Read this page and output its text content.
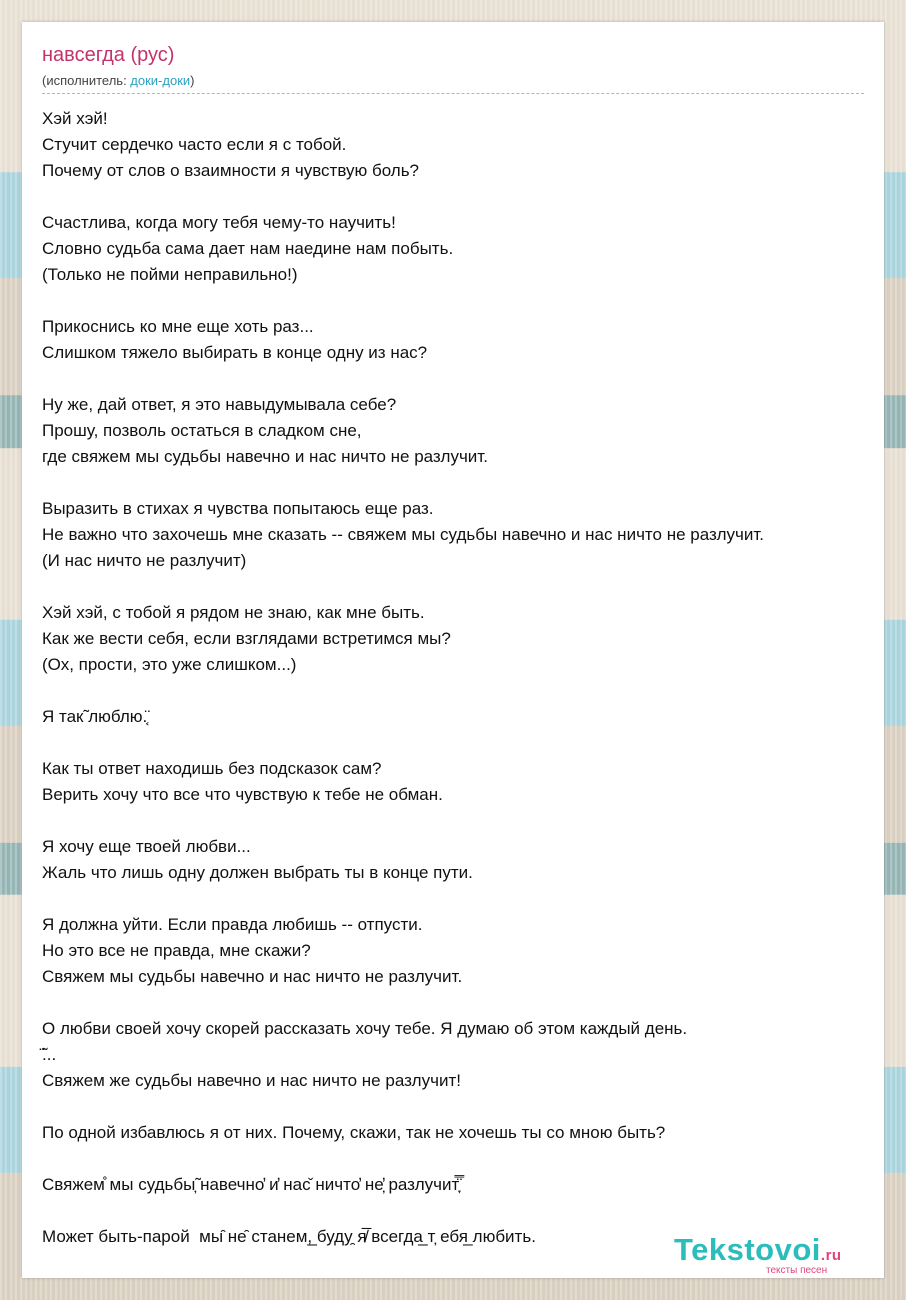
навсегда (рус)

(исполнитель: доки-доки)

Хэй хэй!
Стучит сердечко часто если я с тобой.
Почему от слов о взаимности я чувствую боль?

Счастлива, когда могу тебя чему-то научить!
Словно судьба сама дает нам наедине нам побыть.
(Только не пойми неправильно!)

Прикоснись ко мне еще хоть раз...
Слишком тяжело выбирать в конце одну из нас?

Ну же, дай ответ, я это навыдумывала себе?
Прошу, позволь остаться в сладком сне,
где свяжем мы судьбы навечно и нас ничто не разлучит.

Выразить в стихах я чувства попытаюсь еще раз.
Не важно что захочешь мне сказать -- свяжем мы судьбы навечно и нас ничто не разлучит.
(И нас ничто не разлучит)

Хэй хэй, с тобой я рядом не знаю, как мне быть.
Как же вести себя, если взглядами встретимся мы?
(Ох, прости, это уже слишком...)

Я так̃ люблю.͔̈

Как ты ответ находишь без подсказок сам?
Верить хочу что все что чувствую к тебе не обман.

Я хочу еще твоей любви...
Жаль что лишь одну должен выбрать ты в конце пути.

Я должна уйти. Если правда любишь -- отпусти.
Но это все не правда, мне скажи?
Свяжем мы судьбы навечно и нас ничто не разлучит.

О любви своей хочу скорей рассказать хочу тебе. Я думаю об этом каждый день.
̃̈...
Свяжем же судьбы навечно и нас ничто не разлучит!

По одной избавлюсь я от них. Почему, скажи, так не хочешь ты со мною быть?

Свяжем̊ мы судьбы̦̃ навечно̓ и̓ нас̌ ничто̓ не̦̓ разлучит̞̿̈

Может быть-парой  мы̑ не̑ станем,̲ буду̯ я̸̅ всегда̲ т̦ ебя̲ любить.	Tekstovoi.ru
тексты песен
